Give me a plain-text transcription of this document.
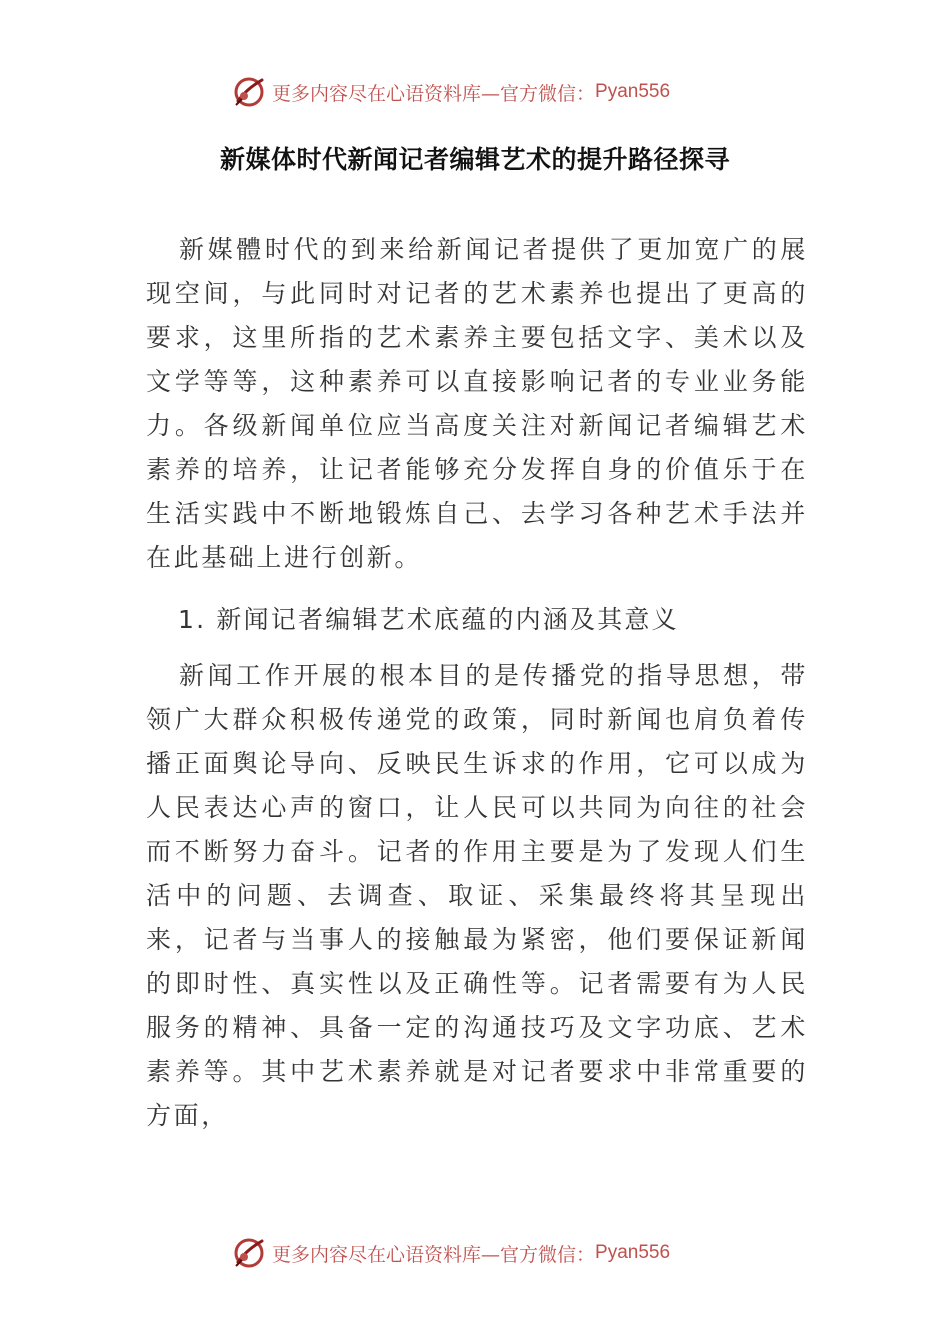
更多内容尽在心语资料库—官方微信： Pyan556
新媒体时代新闻记者编辑艺术的提升路径探寻
新媒體时代的到来给新闻记者提供了更加宽广的展现空间，与此同时对记者的艺术素养也提出了更高的要求，这里所指的艺术素养主要包括文字、美术以及文学等等，这种素养可以直接影响记者的专业业务能力。各级新闻单位应当高度关注对新闻记者编辑艺术素养的培养，让记者能够充分发挥自身的价值乐于在生活实践中不断地锻炼自己、去学习各种艺术手法并在此基础上进行创新。
1. 新闻记者编辑艺术底蕴的内涵及其意义
新闻工作开展的根本目的是传播党的指导思想，带领广大群众积极传递党的政策，同时新闻也肩负着传播正面舆论导向、反映民生诉求的作用，它可以成为人民表达心声的窗口，让人民可以共同为向往的社会而不断努力奋斗。记者的作用主要是为了发现人们生活中的问题、去调查、取证、采集最终将其呈现出来，记者与当事人的接触最为紧密，他们要保证新闻的即时性、真实性以及正确性等。记者需要有为人民服务的精神、具备一定的沟通技巧及文字功底、艺术素养等。其中艺术素养就是对记者要求中非常重要的方面，
更多内容尽在心语资料库—官方微信： Pyan556
